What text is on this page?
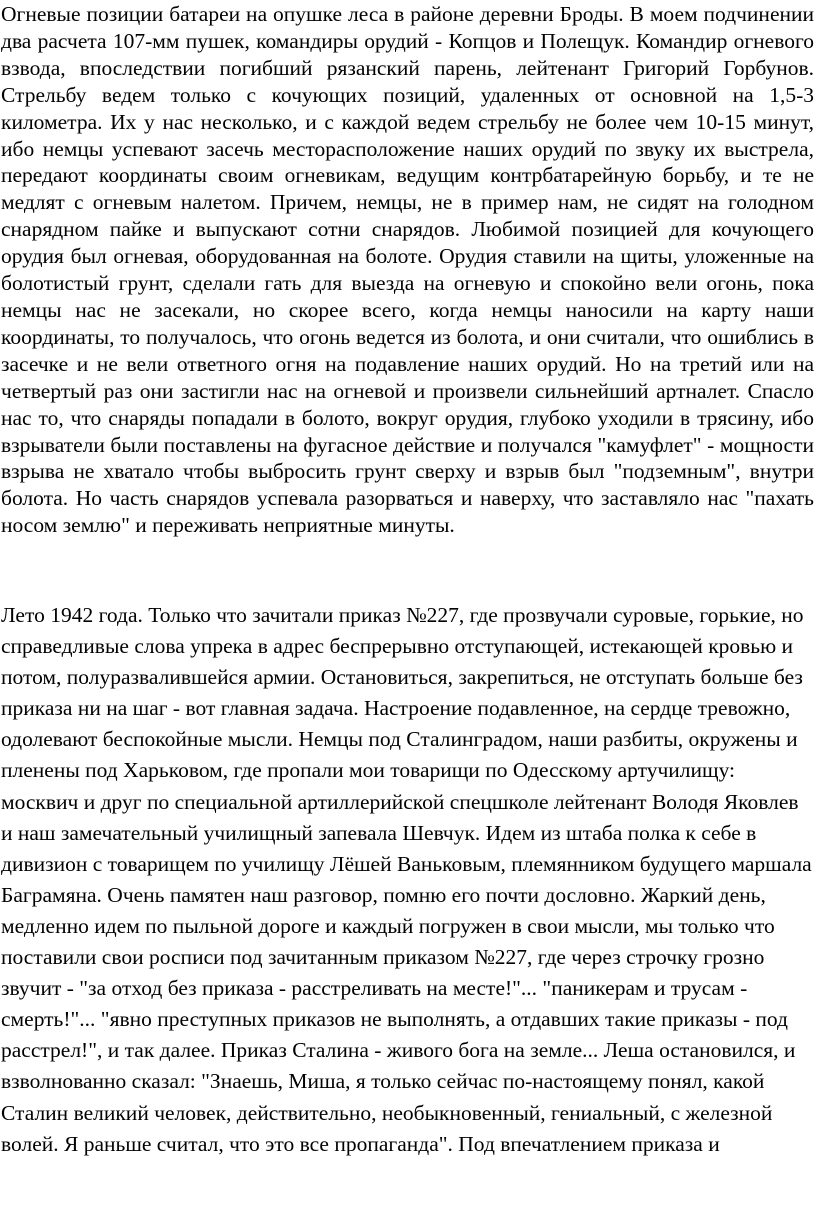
Огневые позиции батареи на опушке леса в районе деревни Броды. В моем подчинении два расчета 107-мм пушек, командиры орудий - Копцов и Полещук. Командир огневого взвода, впоследствии погибший рязанский парень, лейтенант Григорий Горбунов. Стрельбу ведем только с кочующих позиций, удаленных от основной на 1,5-3 километра. Их у нас несколько, и с каждой ведем стрельбу не более чем 10-15 минут, ибо немцы успевают засечь месторасположение наших орудий по звуку их выстрела, передают координаты своим огневикам, ведущим контрбатарейную борьбу, и те не медлят с огневым налетом. Причем, немцы, не в пример нам, не сидят на голодном снарядном пайке и выпускают сотни снарядов. Любимой позицией для кочующего орудия был огневая, оборудованная на болоте. Орудия ставили на щиты, уложенные на болотистый грунт, сделали гать для выезда на огневую и спокойно вели огонь, пока немцы нас не засекали, но скорее всего, когда немцы наносили на карту наши координаты, то получалось, что огонь ведется из болота, и они считали, что ошиблись в засечке и не вели ответного огня на подавление наших орудий. Но на третий или на четвертый раз они застигли нас на огневой и произвели сильнейший артналет. Спасло нас то, что снаряды попадали в болото, вокруг орудия, глубоко уходили в трясину, ибо взрыватели были поставлены на фугасное действие и получался "камуфлет" - мощности взрыва не хватало чтобы выбросить грунт сверху и взрыв был "подземным", внутри болота. Но часть снарядов успевала разорваться и наверху, что заставляло нас "пахать носом землю" и переживать неприятные минуты.

Лето 1942 года. Только что зачитали приказ №227, где прозвучали суровые, горькие, но справедливые слова упрека в адрес беспрерывно отступающей, истекающей кровью и потом, полуразвалившейся армии. Остановиться, закрепиться, не отступать больше без приказа ни на шаг - вот главная задача. Настроение подавленное, на сердце тревожно, одолевают беспокойные мысли. Немцы под Сталинградом, наши разбиты, окружены и пленены под Харьковом, где пропали мои товарищи по Одесскому артучилищу: москвич и друг по специальной артиллерийской спецшколе лейтенант Володя Яковлев и наш замечательный училищный запевала Шевчук. Идем из штаба полка к себе в дивизион с товарищем по училищу Лёшей Ваньковым, племянником будущего маршала Баграмяна. Очень памятен наш разговор, помню его почти дословно. Жаркий день, медленно идем по пыльной дороге и каждый погружен в свои мысли, мы только что поставили свои росписи под зачитанным приказом №227, где через строчку грозно звучит - "за отход без приказа - расстреливать на месте!"... "паникерам и трусам - смерть!"... "явно преступных приказов не выполнять, а отдавших такие приказы - под расстрел!", и так далее. Приказ Сталина - живого бога на земле... Леша остановился, и взволнованно сказал: "Знаешь, Миша, я только сейчас по-настоящему понял, какой Сталин великий человек, действительно, необыкновенный, гениальный, с железной волей. Я раньше считал, что это все пропаганда". Под впечатлением приказа и
